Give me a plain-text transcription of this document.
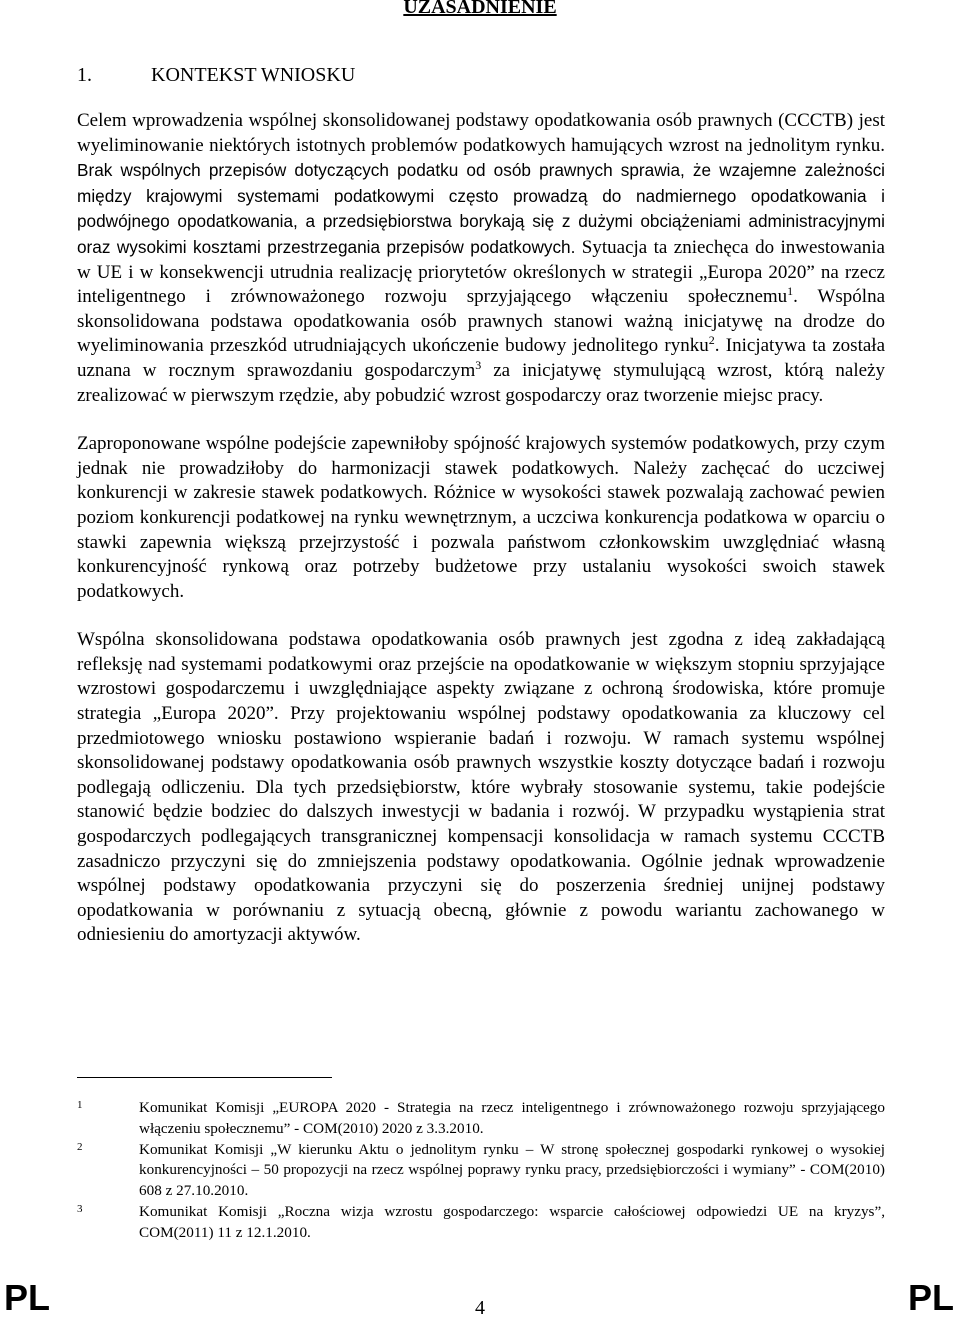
UZASADNIENIE
1.	KONTEKST WNIOSKU

Celem wprowadzenia wspólnej skonsolidowanej podstawy opodatkowania osób prawnych (CCCTB) jest wyeliminowanie niektórych istotnych problemów podatkowych hamujących wzrost na jednolitym rynku. Brak wspólnych przepisów dotyczących podatku od osób prawnych sprawia, że wzajemne zależności między krajowymi systemami podatkowymi często prowadzą do nadmiernego opodatkowania i podwójnego opodatkowania, a przedsiębiorstwa borykają się z dużymi obciążeniami administracyjnymi oraz wysokimi kosztami przestrzegania przepisów podatkowych. Sytuacja ta zniechęca do inwestowania w UE i w konsekwencji utrudnia realizację priorytetów określonych w strategii „Europa 2020” na rzecz inteligentnego i zrównoważonego rozwoju sprzyjającego włączeniu społecznemu$^1$. Wspólna skonsolidowana podstawa opodatkowania osób prawnych stanowi ważną inicjatywę na drodze do wyeliminowania przeszkód utrudniających ukończenie budowy jednolitego rynku$^2$. Inicjatywa ta została uznana w rocznym sprawozdaniu gospodarczym$^3$ za inicjatywę stymulującą wzrost, którą należy zrealizować w pierwszym rzędzie, aby pobudzić wzrost gospodarczy oraz tworzenie miejsc pracy.

Zaproponowane wspólne podejście zapewniłoby spójność krajowych systemów podatkowych, przy czym jednak nie prowadziłoby do harmonizacji stawek podatkowych. Należy zachęcać do uczciwej konkurencji w zakresie stawek podatkowych. Różnice w wysokości stawek pozwalają zachować pewien poziom konkurencji podatkowej na rynku wewnętrznym, a uczciwa konkurencja podatkowa w oparciu o stawki zapewnia większą przejrzystość i pozwala państwom członkowskim uwzględniać własną konkurencyjność rynkową oraz potrzeby budżetowe przy ustalaniu wysokości swoich stawek podatkowych.

Wspólna skonsolidowana podstawa opodatkowania osób prawnych jest zgodna z ideą zakładającą refleksję nad systemami podatkowymi oraz przejście na opodatkowanie w większym stopniu sprzyjające wzrostowi gospodarczemu i uwzględniające aspekty związane z ochroną środowiska, które promuje strategia „Europa 2020”. Przy projektowaniu wspólnej podstawy opodatkowania za kluczowy cel przedmiotowego wniosku postawiono wspieranie badań i rozwoju. W ramach systemu wspólnej skonsolidowanej podstawy opodatkowania osób prawnych wszystkie koszty dotyczące badań i rozwoju podlegają odliczeniu. Dla tych przedsiębiorstw, które wybrały stosowanie systemu, takie podejście stanowić będzie bodziec do dalszych inwestycji w badania i rozwój. W przypadku wystąpienia strat gospodarczych podlegających transgranicznej kompensacji konsolidacja w ramach systemu CCCTB zasadniczo przyczyni się do zmniejszenia podstawy opodatkowania. Ogólnie jednak wprowadzenie wspólnej podstawy opodatkowania przyczyni się do poszerzenia średniej unijnej podstawy opodatkowania w porównaniu z sytuacją obecną, głównie z powodu wariantu zachowanego w odniesieniu do amortyzacji aktywów.

1	Komunikat Komisji „EUROPA 2020 - Strategia na rzecz inteligentnego i zrównoważonego rozwoju sprzyjającego włączeniu społecznemu” - COM(2010) 2020 z 3.3.2010.
2	Komunikat Komisji „W kierunku Aktu o jednolitym rynku – W stronę społecznej gospodarki rynkowej o wysokiej konkurencyjności – 50 propozycji na rzecz wspólnej poprawy rynku pracy, przedsiębiorczości i wymiany” - COM(2010) 608 z 27.10.2010.
3	Komunikat Komisji „Roczna wizja wzrostu gospodarczego: wsparcie całościowej odpowiedzi UE na kryzys”, COM(2011) 11 z 12.1.2010.
PL	4	PL
